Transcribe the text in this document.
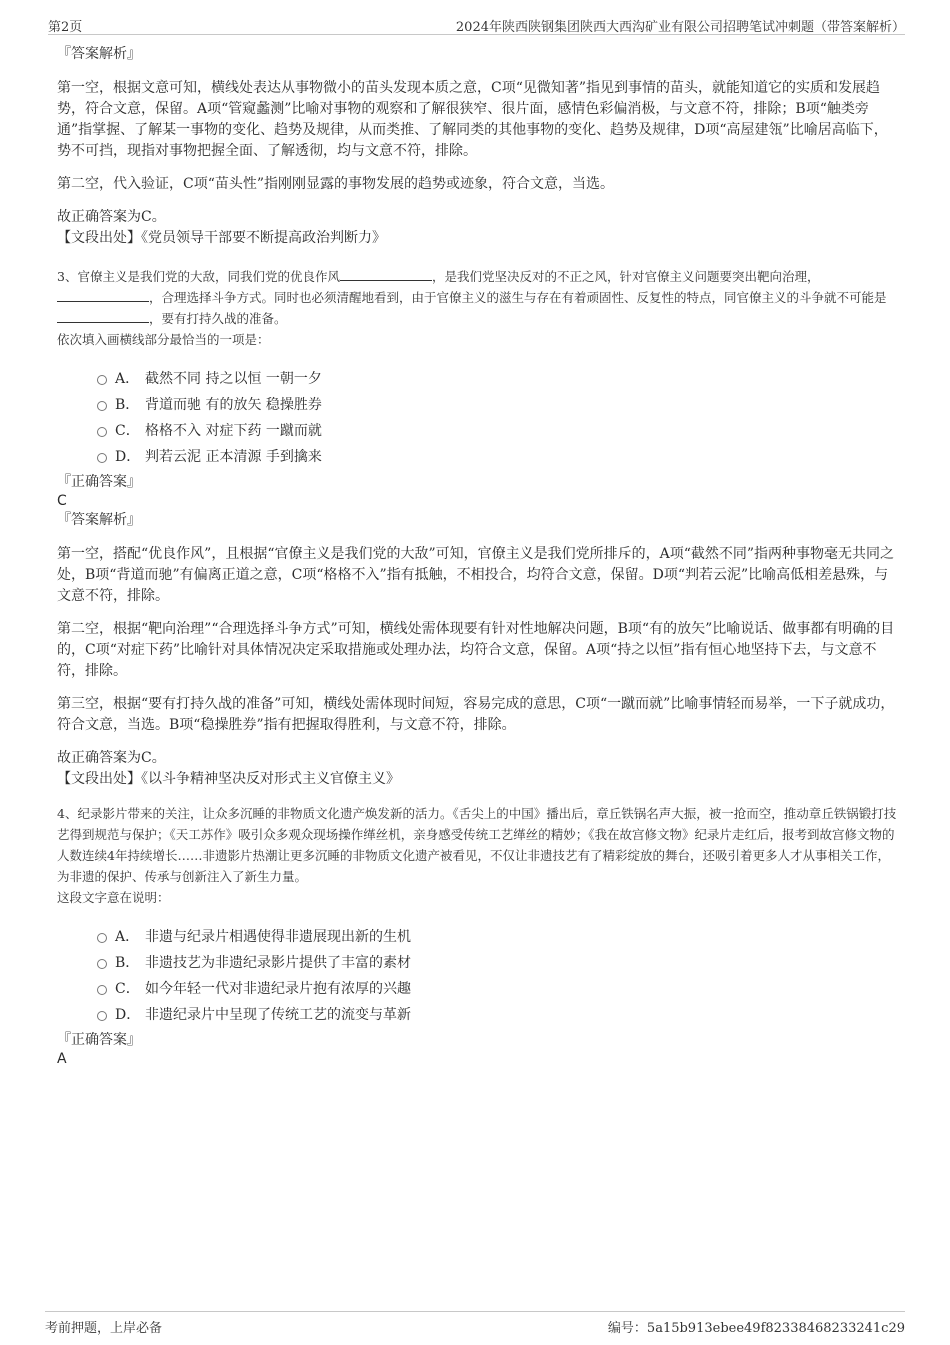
第2页	2024年陕西陕钢集团陕西大西沟矿业有限公司招聘笔试冲刺题（带答案解析）

『答案解析』

第一空，根据文意可知，横线处表达从事物微小的苗头发现本质之意，C项“见微知著”指见到事情的苗头，就能知道它的实质和发展趋势，符合文意，保留。A项“管窥蠡测”比喻对事物的观察和了解很狭窄、很片面，感情色彩偏消极，与文意不符，排除；B项“触类旁通”指掌握、了解某一事物的变化、趋势及规律，从而类推、了解同类的其他事物的变化、趋势及规律，D项“高屋建瓴”比喻居高临下，势不可挡，现指对事物把握全面、了解透彻，均与文意不符，排除。

第二空，代入验证，C项“苗头性”指刚刚显露的事物发展的趋势或迹象，符合文意，当选。

故正确答案为C。

【文段出处】《党员领导干部要不断提高政治判断力》

3、官僚主义是我们党的大敌，同我们党的优良作风	，是我们党坚决反对的不正之风，针对官僚主义问题要突出靶向治理，，合理选择斗争方式。同时也必须清醒地看到，由于官僚主义的滋生与存在有着顽固性、反复性的特点，同官僚主义的斗争就不可能是，要有打持久战的准备。

依次填入画横线部分最恰当的一项是：

A． 截然不同 持之以恒 一朝一夕
B． 背道而驰 有的放矢 稳操胜券
C． 格格不入 对症下药 一蹴而就
D． 判若云泥 正本清源 手到擒来

『正确答案』

C

『答案解析』

第一空，搭配“优良作风”，且根据“官僚主义是我们党的大敌”可知，官僚主义是我们党所排斥的，A项“截然不同”指两种事物毫无共同之处，B项“背道而驰”有偏离正道之意，C项“格格不入”指有抵触，不相投合，均符合文意，保留。D项“判若云泥”比喻高低相差悬殊，与文意不符，排除。

第二空，根据“靶向治理”“合理选择斗争方式”可知，横线处需体现要有针对性地解决问题，B项“有的放矢”比喻说话、做事都有明确的目的，C项“对症下药”比喻针对具体情况决定采取措施或处理办法，均符合文意，保留。A项“持之以恒”指有恒心地坚持下去，与文意不符，排除。

第三空，根据“要有打持久战的准备”可知，横线处需体现时间短，容易完成的意思，C项“一蹴而就”比喻事情轻而易举，一下子就成功，符合文意，当选。B项“稳操胜券”指有把握取得胜利，与文意不符，排除。

故正确答案为C。

【文段出处】《以斗争精神坚决反对形式主义官僚主义》

4、纪录影片带来的关注，让众多沉睡的非物质文化遗产焕发新的活力。《舌尖上的中国》播出后，章丘铁锅名声大振，被一抢而空，推动章丘铁锅锻打技艺得到规范与保护；《天工苏作》吸引众多观众现场操作缂丝机，亲身感受传统工艺缂丝的精妙；《我在故宫修文物》纪录片走红后，报考到故宫修文物的人数连续4年持续增长……非遗影片热潮让更多沉睡的非物质文化遗产被看见，不仅让非遗技艺有了精彩绽放的舞台，还吸引着更多人才从事相关工作，为非遗的保护、传承与创新注入了新生力量。

这段文字意在说明：

A． 非遗与纪录片相遇使得非遗展现出新的生机
B． 非遗技艺为非遗纪录影片提供了丰富的素材
C． 如今年轻一代对非遗纪录片抱有浓厚的兴趣
D． 非遗纪录片中呈现了传统工艺的流变与革新

『正确答案』

A

考前押题，上岸必备	编号：5a15b913ebee49f82338468233241c29
